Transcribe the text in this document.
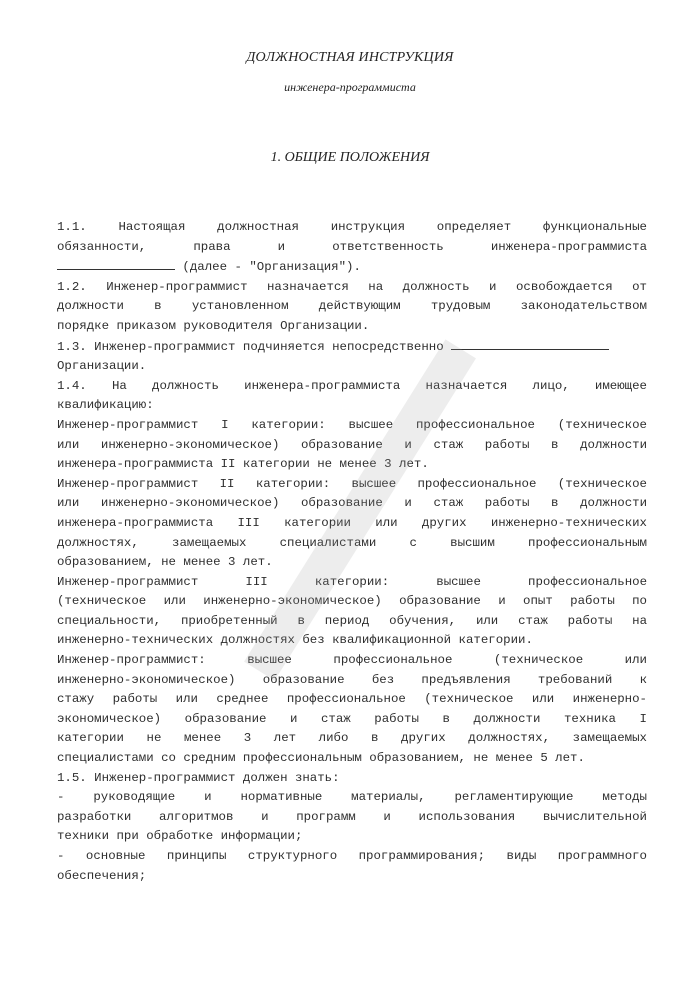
ДОЛЖНОСТНАЯ ИНСТРУКЦИЯ
инженера-программиста
1. ОБЩИЕ ПОЛОЖЕНИЯ

1.1. Настоящая должностная инструкция определяет функциональные

обязанности, права и ответственность инженера-программиста

(далее - "Организация").

1.2. Инженер-программист назначается на должность и освобождается от

должности в установленном действующим трудовым законодательством

порядке приказом руководителя Организации.

1.3. Инженер-программист подчиняется непосредственно

Организации.

1.4. На должность инженера-программиста назначается лицо, имеющее

квалификацию:

Инженер-программист I категории: высшее профессиональное (техническое

или инженерно-экономическое) образование и стаж работы в должности

инженера-программиста II категории не менее 3 лет.

Инженер-программист II категории: высшее профессиональное (техническое

или инженерно-экономическое) образование и стаж работы в должности

инженера-программиста III категории или других инженерно-технических

должностях, замещаемых специалистами с высшим профессиональным

образованием, не менее 3 лет.

Инженер-программист III категории: высшее профессиональное

(техническое или инженерно-экономическое) образование и опыт работы по

специальности, приобретенный в период обучения, или стаж работы на

инженерно-технических должностях без квалификационной категории.

Инженер-программист: высшее профессиональное (техническое или

инженерно-экономическое) образование без предъявления требований к

стажу работы или среднее профессиональное (техническое или инженерно-

экономическое) образование и стаж работы в должности техника I

категории не менее 3 лет либо в других должностях, замещаемых

специалистами со средним профессиональным образованием, не менее 5 лет.

1.5. Инженер-программист должен знать:

- руководящие и нормативные материалы, регламентирующие методы

разработки алгоритмов и программ и использования вычислительной

техники при обработке информации;

- основные принципы структурного программирования; виды программного

обеспечения;
